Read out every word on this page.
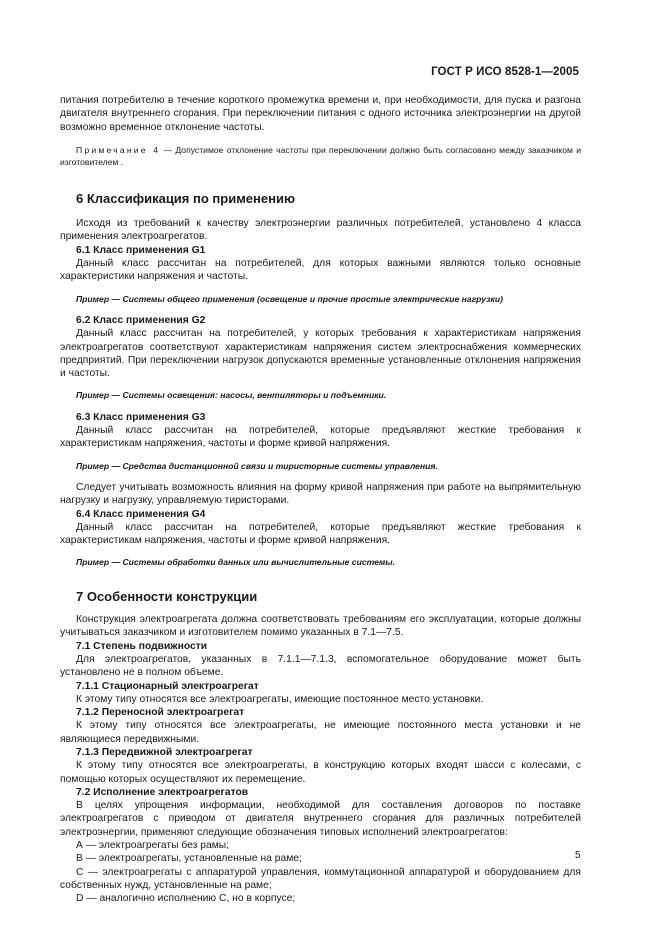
ГОСТ Р ИСО 8528-1—2005

питания потребителю в течение короткого промежутка времени и, при необходимости, для пуска и разгона двигателя внутреннего сгорания. При переключении питания с одного источника электроэнергии на другой возможно временное отклонение частоты.

Примечание 4 — Допустимое отклонение частоты при переключении должно быть согласовано между заказчиком и изготовителем .

6 Классификация по применению

Исходя из требований к качеству электроэнергии различных потребителей, установлено 4 класса применения электроагрегатов.

6.1 Класс применения G1

Данный класс рассчитан на потребителей, для которых важными являются только основные характеристики напряжения и частоты.

Пример — Системы общего применения (освещение и прочие простые электрические нагрузки)

6.2 Класс применения G2

Данный класс рассчитан на потребителей, у которых требования к характеристикам напряжения электроагрегатов соответствуют характеристикам напряжения систем электроснабжения коммерческих предприятий. При переключении нагрузок допускаются временные установленные отклонения напряжения и частоты.

Пример — Системы освещения: насосы, вентиляторы и подъемники.

6.3 Класс применения G3

Данный класс рассчитан на потребителей, которые предъявляют жесткие требования к характеристикам напряжения, частоты и форме кривой напряжения.

Пример — Средства дистанционной связи и тиристорные системы управления.

Следует учитывать возможность влияния на форму кривой напряжения при работе на выпрямительную нагрузку и нагрузку, управляемую тиристорами.

6.4 Класс применения G4

Данный класс рассчитан на потребителей, которые предъявляют жесткие требования к характеристикам напряжения, частоты и форме кривой напряжения.

Пример — Системы обработки данных или вычислительные системы.

7 Особенности конструкции

Конструкция электроагрегата должна соответствовать требованиям его эксплуатации, которые должны учитываться заказчиком и изготовителем помимо указанных в 7.1—7.5.

7.1 Степень подвижности

Для электроагрегатов, указанных в 7.1.1—7.1.3, вспомогательное оборудование может быть установлено не в полном объеме.

7.1.1 Стационарный электроагрегат

К этому типу относятся все электроагрегаты, имеющие постоянное место установки.

7.1.2 Переносной электроагрегат

К этому типу относятся все электроагрегаты, не имеющие постоянного места установки и не являющиеся передвижными.

7.1.3 Передвижной электроагрегат

К этому типу относятся все электроагрегаты, в конструкцию которых входят шасси с колесами, с помощью которых осуществляют их перемещение.

7.2 Исполнение электроагрегатов

В целях упрощения информации, необходимой для составления договоров по поставке электроагрегатов с приводом от двигателя внутреннего сгорания для различных потребителей электроэнергии, применяют следующие обозначения типовых исполнений электроагрегатов:

А — электроагрегаты без рамы;

В — электроагрегаты, установленные на раме;

С — электроагрегаты с аппаратурой управления, коммутационной аппаратурой и оборудованием для собственных нужд, установленные на раме;

D — аналогично исполнению С, но в корпусе;

5
